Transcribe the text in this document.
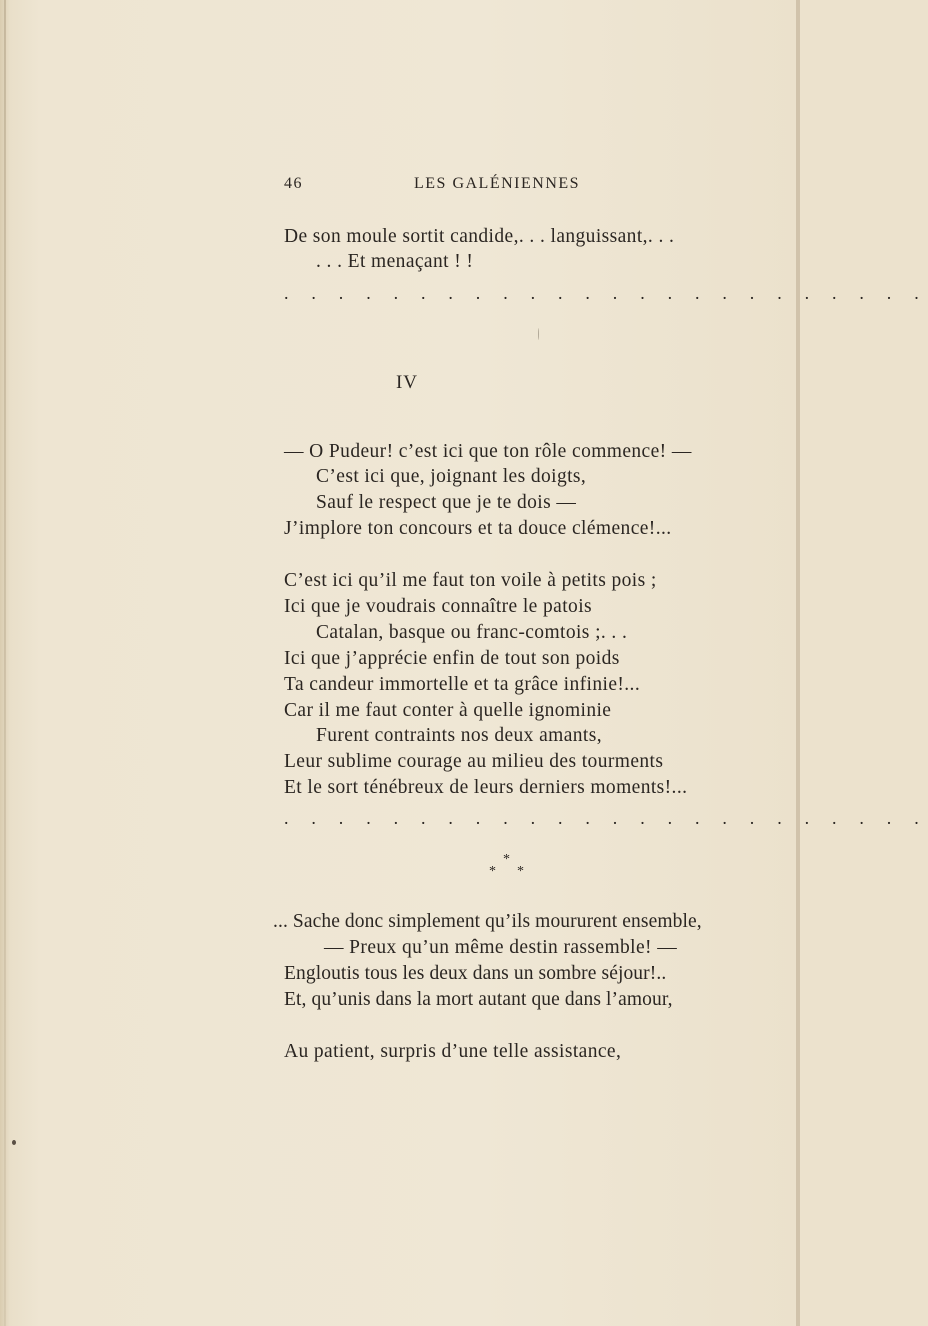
46	LES GALÉNIENNES
De son moule sortit candide,. . . languissant,. . .
. . . Et menaçant ! !
. . . . . . . . . . . . . . . . . . . . . . . .
IV
— O Pudeur! c’est ici que ton rôle commence! —
C’est ici que, joignant les doigts,
Sauf le respect que je te dois —
J’implore ton concours et ta douce clémence!...
C’est ici qu’il me faut ton voile à petits pois ;
Ici que je voudrais connaître le patois
Catalan, basque ou franc-comtois ;. . .
Ici que j’apprécie enfin de tout son poids
Ta candeur immortelle et ta grâce infinie!...
Car il me faut conter à quelle ignominie
Furent contraints nos deux amants,
Leur sublime courage au milieu des tourments
Et le sort ténébreux de leurs derniers moments!...
. . . . . . . . . . . . . . . . . . . . . . . .
*
* *
... Sache donc simplement qu’ils moururent ensemble,
— Preux qu’un même destin rassemble! —
Engloutis tous les deux dans un sombre séjour!..
Et, qu’unis dans la mort autant que dans l’amour,
Au patient, surpris d’une telle assistance,
